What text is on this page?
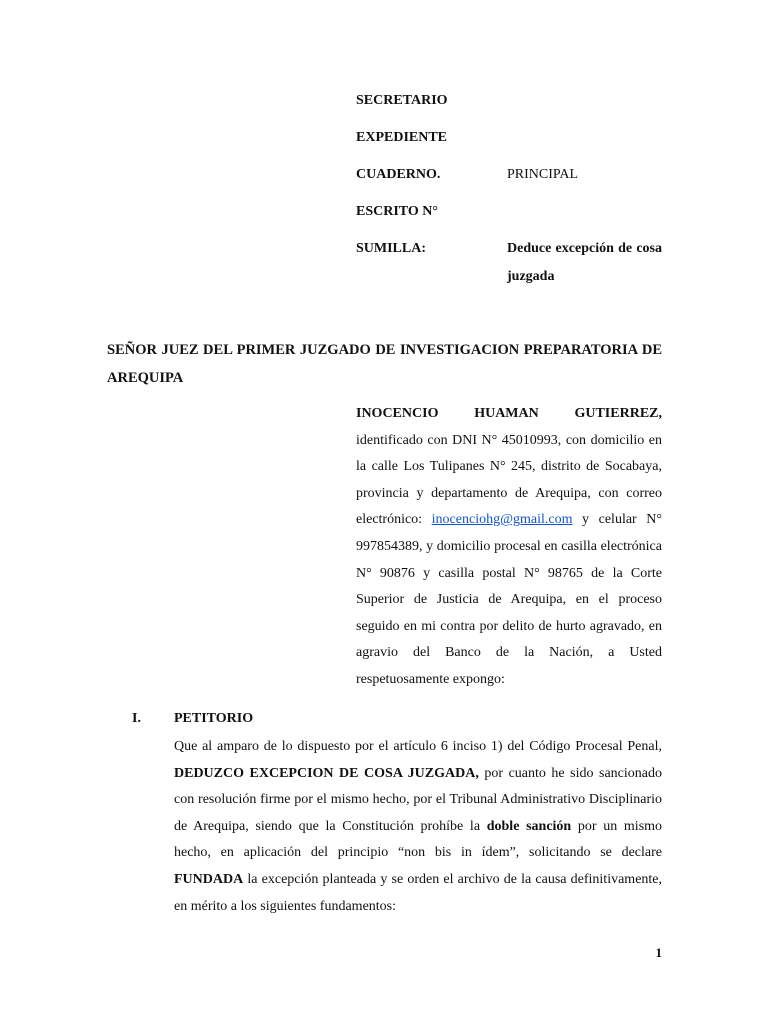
SECRETARIO
EXPEDIENTE
CUADERNO.	PRINCIPAL
ESCRITO N°
SUMILLA:	Deduce excepción de cosa juzgada
SEÑOR JUEZ DEL PRIMER JUZGADO DE INVESTIGACION PREPARATORIA DE AREQUIPA
INOCENCIO HUAMAN GUTIERREZ, identificado con DNI N° 45010993, con domicilio en la calle Los Tulipanes N° 245, distrito de Socabaya, provincia y departamento de Arequipa, con correo electrónico: inocenciohg@gmail.com y celular N° 997854389, y domicilio procesal en casilla electrónica N° 90876 y casilla postal N° 98765 de la Corte Superior de Justicia de Arequipa, en el proceso seguido en mi contra por delito de hurto agravado, en agravio del Banco de la Nación, a Usted respetuosamente expongo:
I. PETITORIO
Que al amparo de lo dispuesto por el artículo 6 inciso 1) del Código Procesal Penal, DEDUZCO EXCEPCION DE COSA JUZGADA, por cuanto he sido sancionado con resolución firme por el mismo hecho, por el Tribunal Administrativo Disciplinario de Arequipa, siendo que la Constitución prohíbe la doble sanción por un mismo hecho, en aplicación del principio “non bis in ídem”, solicitando se declare FUNDADA la excepción planteada y se orden el archivo de la causa definitivamente, en mérito a los siguientes fundamentos:
1
